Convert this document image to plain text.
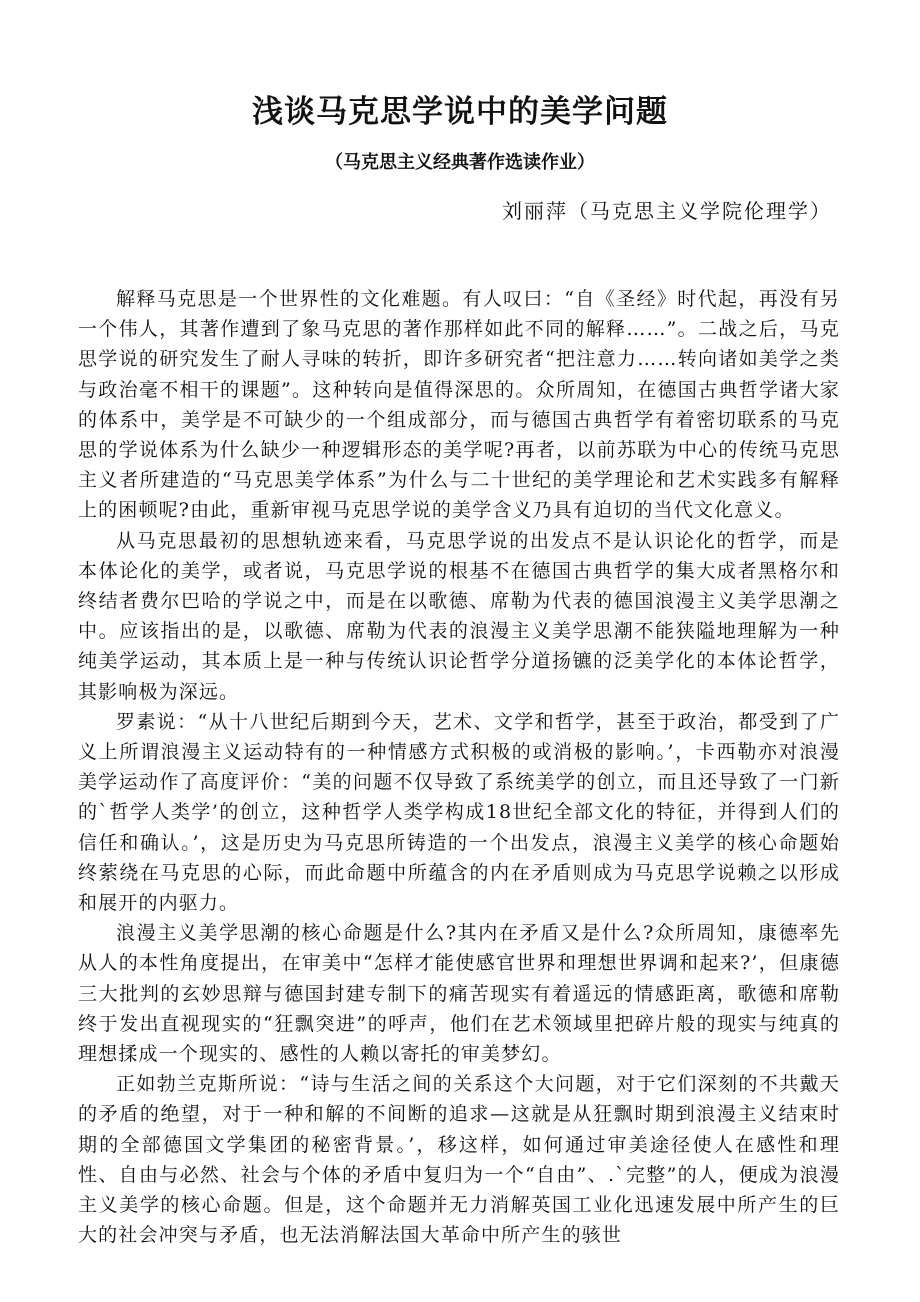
浅谈马克思学说中的美学问题
（马克思主义经典著作选读作业）
刘丽萍（马克思主义学院伦理学）

解释马克思是一个世界性的文化难题。有人叹曰：“自《圣经》时代起，再没有另一个伟人，其著作遭到了象马克思的著作那样如此不同的解释……”。二战之后，马克思学说的研究发生了耐人寻味的转折，即许多研究者“把注意力……转向诸如美学之类与政治毫不相干的课题”。这种转向是值得深思的。众所周知，在德国古典哲学诸大家的体系中，美学是不可缺少的一个组成部分，而与德国古典哲学有着密切联系的马克思的学说体系为什么缺少一种逻辑形态的美学呢?再者，以前苏联为中心的传统马克思主义者所建造的“马克思美学体系”为什么与二十世纪的美学理论和艺术实践多有解释上的困顿呢?由此，重新审视马克思学说的美学含义乃具有迫切的当代文化意义。

从马克思最初的思想轨迹来看，马克思学说的出发点不是认识论化的哲学，而是本体论化的美学，或者说，马克思学说的根基不在德国古典哲学的集大成者黑格尔和终结者费尔巴哈的学说之中，而是在以歌德、席勒为代表的德国浪漫主义美学思潮之中。应该指出的是，以歌德、席勒为代表的浪漫主义美学思潮不能狭隘地理解为一种纯美学运动，其本质上是一种与传统认识论哲学分道扬镳的泛美学化的本体论哲学，其影响极为深远。

罗素说：“从十八世纪后期到今天，艺术、文学和哲学，甚至于政治，都受到了广义上所谓浪漫主义运动特有的一种情感方式积极的或消极的影响。’，卡西勒亦对浪漫美学运动作了高度评价：“美的问题不仅导致了系统美学的创立，而且还导致了一门新的`哲学人类学’的创立，这种哲学人类学构成18世纪全部文化的特征，并得到人们的信任和确认。’，这是历史为马克思所铸造的一个出发点，浪漫主义美学的核心命题始终萦绕在马克思的心际，而此命题中所蕴含的内在矛盾则成为马克思学说赖之以形成和展开的内驱力。

浪漫主义美学思潮的核心命题是什么?其内在矛盾又是什么?众所周知，康德率先从人的本性角度提出，在审美中“怎样才能使感官世界和理想世界调和起来?’，但康德三大批判的玄妙思辩与德国封建专制下的痛苦现实有着遥远的情感距离，歌德和席勒终于发出直视现实的“狂飘突进”的呼声，他们在艺术领域里把碎片般的现实与纯真的理想揉成一个现实的、感性的人赖以寄托的审美梦幻。

正如勃兰克斯所说：“诗与生活之间的关系这个大问题，对于它们深刻的不共戴天的矛盾的绝望，对于一种和解的不间断的追求—这就是从狂飘时期到浪漫主义结束时期的全部德国文学集团的秘密背景。’，移这样，如何通过审美途径使人在感性和理性、自由与必然、社会与个体的矛盾中复归为一个“自由”、.`完整”的人，便成为浪漫主义美学的核心命题。但是，这个命题并无力消解英国工业化迅速发展中所产生的巨大的社会冲突与矛盾，也无法消解法国大革命中所产生的骇世
